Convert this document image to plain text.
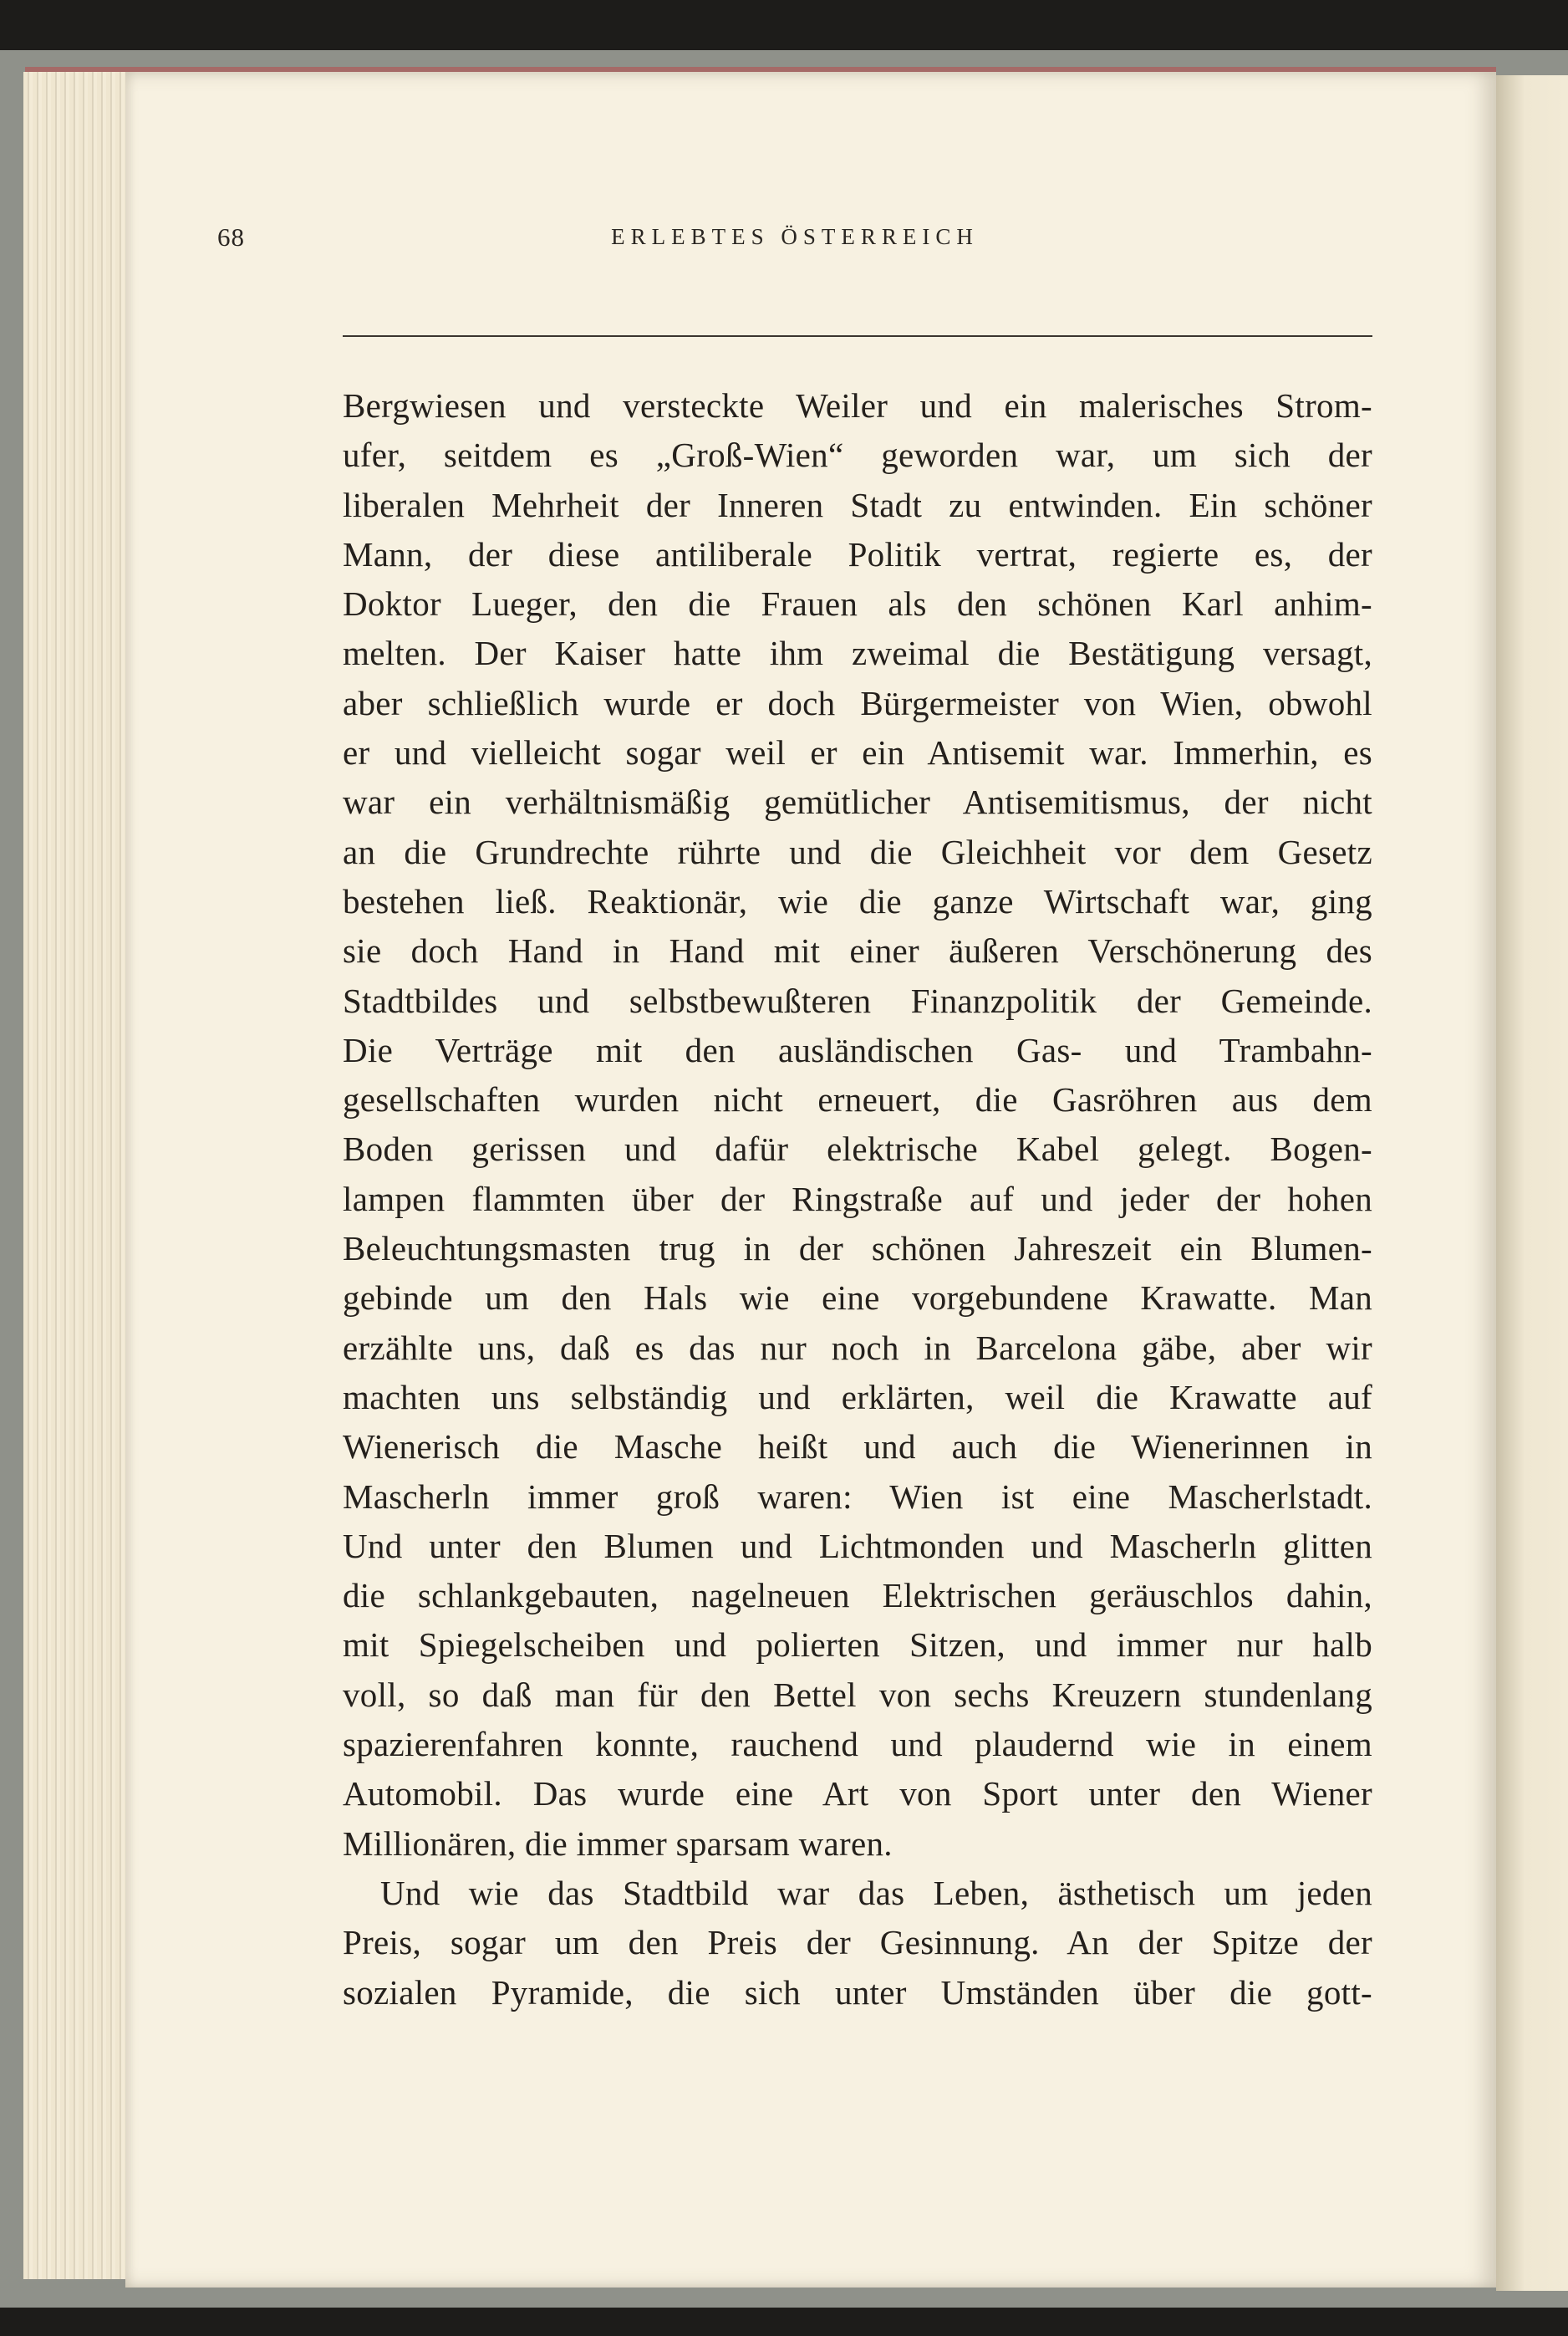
68	ERLEBTES ÖSTERREICH
Bergwiesen und versteckte Weiler und ein malerisches Strom-
ufer, seitdem es „Groß-Wien“ geworden war, um sich der
liberalen Mehrheit der Inneren Stadt zu entwinden. Ein schöner
Mann, der diese antiliberale Politik vertrat, regierte es, der
Doktor Lueger, den die Frauen als den schönen Karl anhim-
melten. Der Kaiser hatte ihm zweimal die Bestätigung versagt,
aber schließlich wurde er doch Bürgermeister von Wien, obwohl
er und vielleicht sogar weil er ein Antisemit war. Immerhin, es
war ein verhältnismäßig gemütlicher Antisemitismus, der nicht
an die Grundrechte rührte und die Gleichheit vor dem Gesetz
bestehen ließ. Reaktionär, wie die ganze Wirtschaft war, ging
sie doch Hand in Hand mit einer äußeren Verschönerung des
Stadtbildes und selbstbewußteren Finanzpolitik der Gemeinde.
Die Verträge mit den ausländischen Gas- und Trambahn-
gesellschaften wurden nicht erneuert, die Gasröhren aus dem
Boden gerissen und dafür elektrische Kabel gelegt. Bogen-
lampen flammten über der Ringstraße auf und jeder der hohen
Beleuchtungsmasten trug in der schönen Jahreszeit ein Blumen-
gebinde um den Hals wie eine vorgebundene Krawatte. Man
erzählte uns, daß es das nur noch in Barcelona gäbe, aber wir
machten uns selbständig und erklärten, weil die Krawatte auf
Wienerisch die Masche heißt und auch die Wienerinnen in
Mascherln immer groß waren: Wien ist eine Mascherlstadt.
Und unter den Blumen und Lichtmonden und Mascherln glitten
die schlankgebauten, nagelneuen Elektrischen geräuschlos dahin,
mit Spiegelscheiben und polierten Sitzen, und immer nur halb
voll, so daß man für den Bettel von sechs Kreuzern stundenlang
spazierenfahren konnte, rauchend und plaudernd wie in einem
Automobil. Das wurde eine Art von Sport unter den Wiener
Millionären, die immer sparsam waren.
Und wie das Stadtbild war das Leben, ästhetisch um jeden
Preis, sogar um den Preis der Gesinnung. An der Spitze der
sozialen Pyramide, die sich unter Umständen über die gott-
